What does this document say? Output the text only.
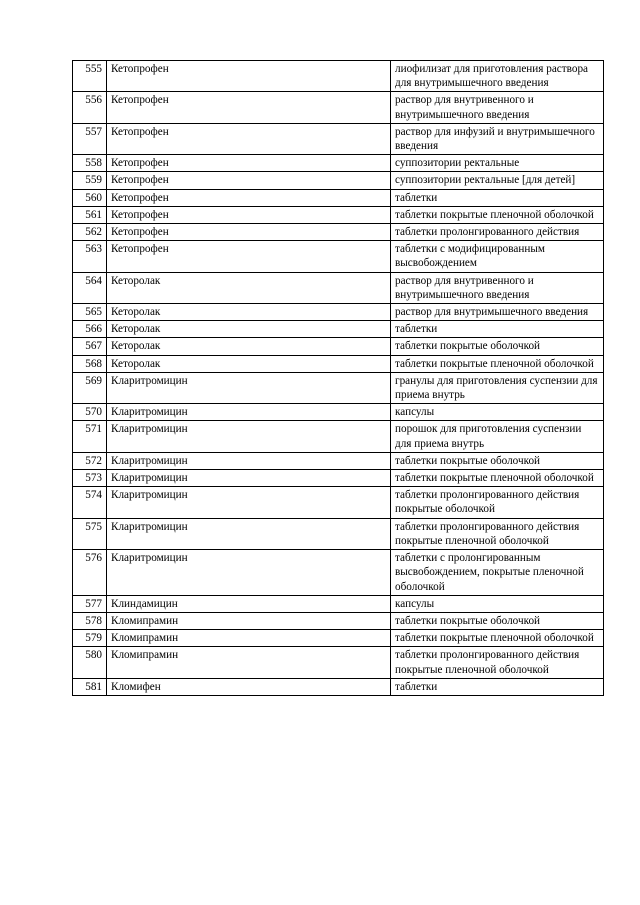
555	Кетопрофен	лиофилизат для приготовления раствора для внутримышечного введения
556	Кетопрофен	раствор для внутривенного и внутримышечного введения
557	Кетопрофен	раствор для инфузий и внутримышечного введения
558	Кетопрофен	суппозитории ректальные
559	Кетопрофен	суппозитории ректальные [для детей]
560	Кетопрофен	таблетки
561	Кетопрофен	таблетки покрытые пленочной оболочкой
562	Кетопрофен	таблетки пролонгированного действия
563	Кетопрофен	таблетки с модифицированным высвобождением
564	Кеторолак	раствор для внутривенного и внутримышечного введения
565	Кеторолак	раствор для внутримышечного введения
566	Кеторолак	таблетки
567	Кеторолак	таблетки покрытые оболочкой
568	Кеторолак	таблетки покрытые пленочной оболочкой
569	Кларитромицин	гранулы для приготовления суспензии для приема внутрь
570	Кларитромицин	капсулы
571	Кларитромицин	порошок для приготовления суспензии для приема внутрь
572	Кларитромицин	таблетки покрытые оболочкой
573	Кларитромицин	таблетки покрытые пленочной оболочкой
574	Кларитромицин	таблетки пролонгированного действия покрытые оболочкой
575	Кларитромицин	таблетки пролонгированного действия покрытые пленочной оболочкой
576	Кларитромицин	таблетки с пролонгированным высвобождением, покрытые пленочной оболочкой
577	Клиндамицин	капсулы
578	Кломипрамин	таблетки покрытые оболочкой
579	Кломипрамин	таблетки покрытые пленочной оболочкой
580	Кломипрамин	таблетки пролонгированного действия покрытые пленочной оболочкой
581	Кломифен	таблетки
